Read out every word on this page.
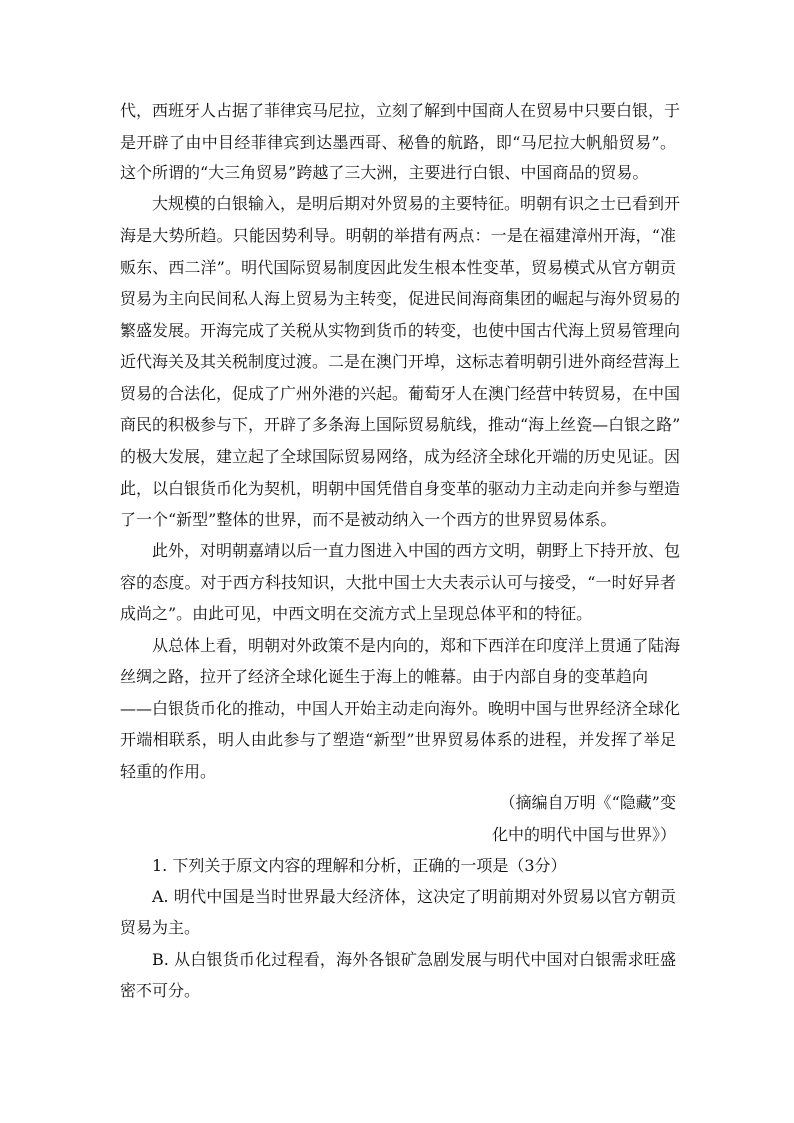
代，西班牙人占据了菲律宾马尼拉，立刻了解到中国商人在贸易中只要白银，于
是开辟了由中目经菲律宾到达墨西哥、秘鲁的航路，即“马尼拉大帆船贸易”。
这个所谓的“大三角贸易”跨越了三大洲，主要进行白银、中国商品的贸易。
大规模的白银输入，是明后期对外贸易的主要特征。明朝有识之士已看到开
海是大势所趋。只能因势利导。明朝的举措有两点：一是在福建漳州开海，“准
贩东、西二洋”。明代国际贸易制度因此发生根本性变革，贸易模式从官方朝贡
贸易为主向民间私人海上贸易为主转变，促进民间海商集团的崛起与海外贸易的
繁盛发展。开海完成了关税从实物到货币的转变，也使中国古代海上贸易管理向
近代海关及其关税制度过渡。二是在澳门开埠，这标志着明朝引进外商经营海上
贸易的合法化，促成了广州外港的兴起。葡萄牙人在澳门经营中转贸易，在中国
商民的积极参与下，开辟了多条海上国际贸易航线，推动“海上丝瓷—白银之路”
的极大发展，建立起了全球国际贸易网络，成为经济全球化开端的历史见证。因
此，以白银货币化为契机，明朝中国凭借自身变革的驱动力主动走向并参与塑造
了一个“新型”整体的世界，而不是被动纳入一个西方的世界贸易体系。
此外，对明朝嘉靖以后一直力图进入中国的西方文明，朝野上下持开放、包
容的态度。对于西方科技知识，大批中国士大夫表示认可与接受，“一时好异者
成尚之”。由此可见，中西文明在交流方式上呈现总体平和的特征。
从总体上看，明朝对外政策不是内向的，郑和下西洋在印度洋上贯通了陆海
丝绸之路，拉开了经济全球化诞生于海上的帷幕。由于内部自身的变革趋向
——白银货币化的推动，中国人开始主动走向海外。晚明中国与世界经济全球化
开端相联系，明人由此参与了塑造“新型”世界贸易体系的进程，并发挥了举足
轻重的作用。
（摘编自万明《“隐藏”变
化中的明代中国与世界》）
1. 下列关于原文内容的理解和分析，正确的一项是（3分）
A. 明代中国是当时世界最大经济体，这决定了明前期对外贸易以官方朝贡
贸易为主。
B. 从白银货币化过程看，海外各银矿急剧发展与明代中国对白银需求旺盛
密不可分。
